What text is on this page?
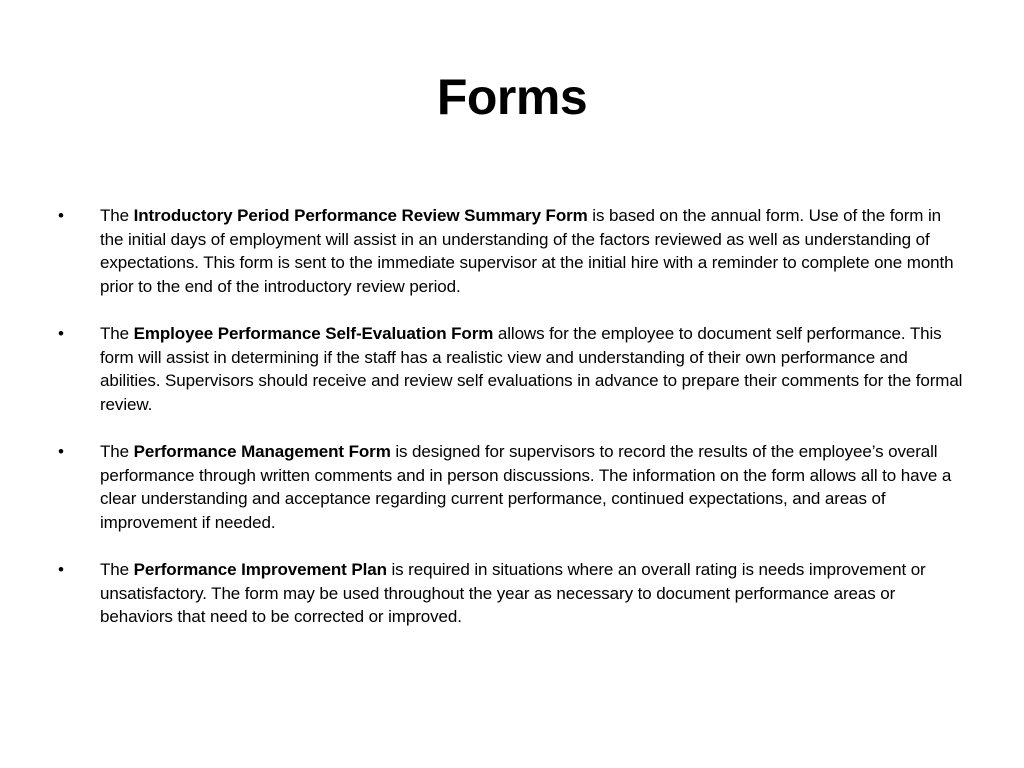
Forms
• The Introductory Period Performance Review Summary Form is based on the annual form. Use of the form in the initial days of employment will assist in an understanding of the factors reviewed as well as understanding of expectations. This form is sent to the immediate supervisor at the initial hire with a reminder to complete one month prior to the end of the introductory review period.
• The Employee Performance Self-Evaluation Form allows for the employee to document self performance. This form will assist in determining if the staff has a realistic view and understanding of their own performance and abilities. Supervisors should receive and review self evaluations in advance to prepare their comments for the formal review.
• The Performance Management Form is designed for supervisors to record the results of the employee’s overall performance through written comments and in person discussions. The information on the form allows all to have a clear understanding and acceptance regarding current performance, continued expectations, and areas of improvement if needed.
• The Performance Improvement Plan is required in situations where an overall rating is needs improvement or unsatisfactory. The form may be used throughout the year as necessary to document performance areas or behaviors that need to be corrected or improved.
